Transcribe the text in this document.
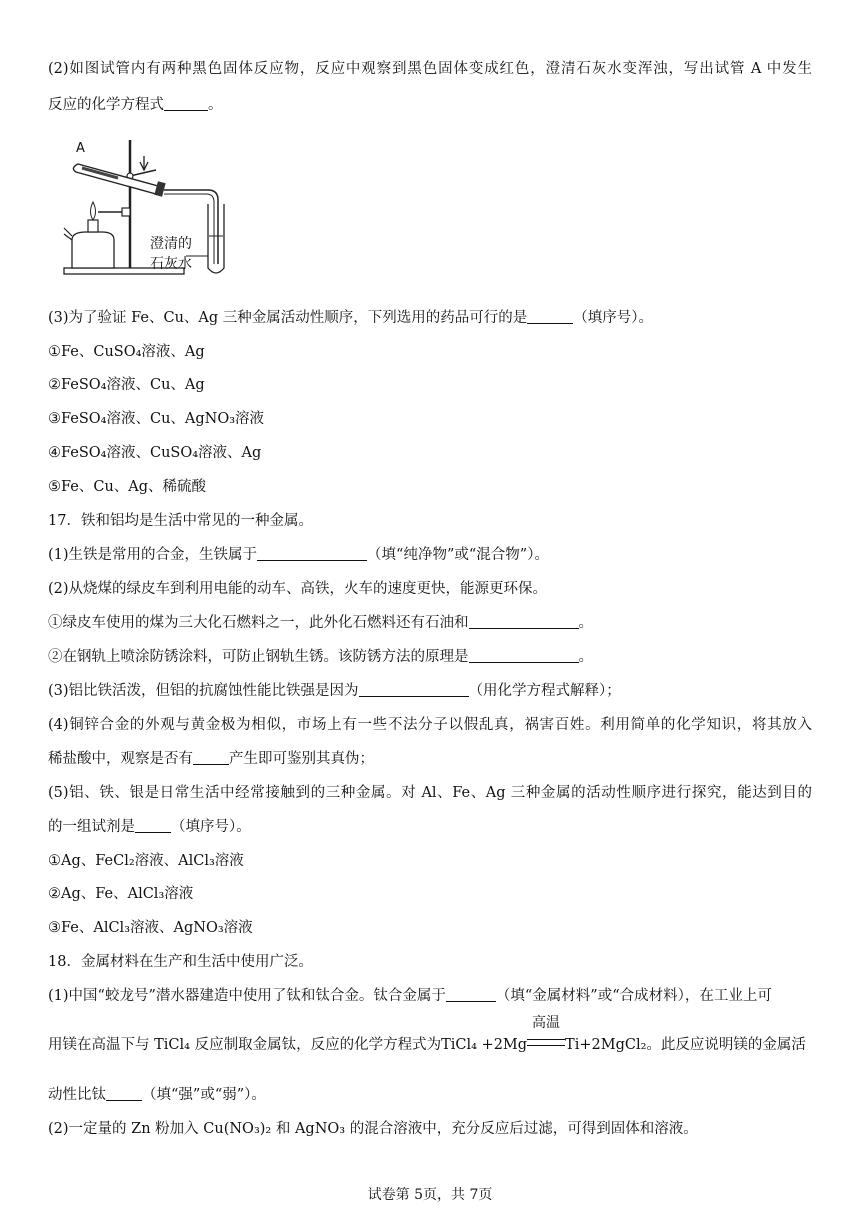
(2)如图试管内有两种黑色固体反应物，反应中观察到黑色固体变成红色，澄清石灰水变浑浊，写出试管 A 中发生
反应的化学方程式	。
A
澄清的
石灰水
(3)为了验证 Fe、Cu、Ag 三种金属活动性顺序，下列选用的药品可行的是	（填序号）。
①Fe、CuSO₄溶液、Ag
②FeSO₄溶液、Cu、Ag
③FeSO₄溶液、Cu、AgNO₃溶液
④FeSO₄溶液、CuSO₄溶液、Ag
⑤Fe、Cu、Ag、稀硫酸
17．铁和铝均是生活中常见的一种金属。
(1)生铁是常用的合金，生铁属于	（填“纯净物”或“混合物”）。
(2)从烧煤的绿皮车到利用电能的动车、高铁，火车的速度更快，能源更环保。
①绿皮车使用的煤为三大化石燃料之一，此外化石燃料还有石油和	。
②在钢轨上喷涂防锈涂料，可防止钢轨生锈。该防锈方法的原理是	。
(3)铝比铁活泼，但铝的抗腐蚀性能比铁强是因为	（用化学方程式解释）；
(4)铜锌合金的外观与黄金极为相似，市场上有一些不法分子以假乱真，祸害百姓。利用简单的化学知识，将其放入
稀盐酸中，观察是否有 产生即可鉴别其真伪；
(5)铝、铁、银是日常生活中经常接触到的三种金属。对 Al、Fe、Ag 三种金属的活动性顺序进行探究，能达到目的
的一组试剂是 （填序号）。
①Ag、FeCl₂溶液、AlCl₃溶液
②Ag、Fe、AlCl₃溶液
③Fe、AlCl₃溶液、AgNO₃溶液
18．金属材料在生产和生活中使用广泛。
(1)中国“蛟龙号”潜水器建造中使用了钛和钛合金。钛合金属于	（填“金属材料”或“合成材料），在工业上可
用镁在高温下与 TiCl₄ 反应制取金属钛，反应的化学方程式为TiCl₄ +2Mg
高温
Ti+2MgCl₂。此反应说明镁的金属活
动性比钛 （填“强”或“弱”）。
(2)一定量的 Zn 粉加入 Cu(NO₃)₂ 和 AgNO₃ 的混合溶液中，充分反应后过滤，可得到固体和溶液。
试卷第 5页，共 7页
